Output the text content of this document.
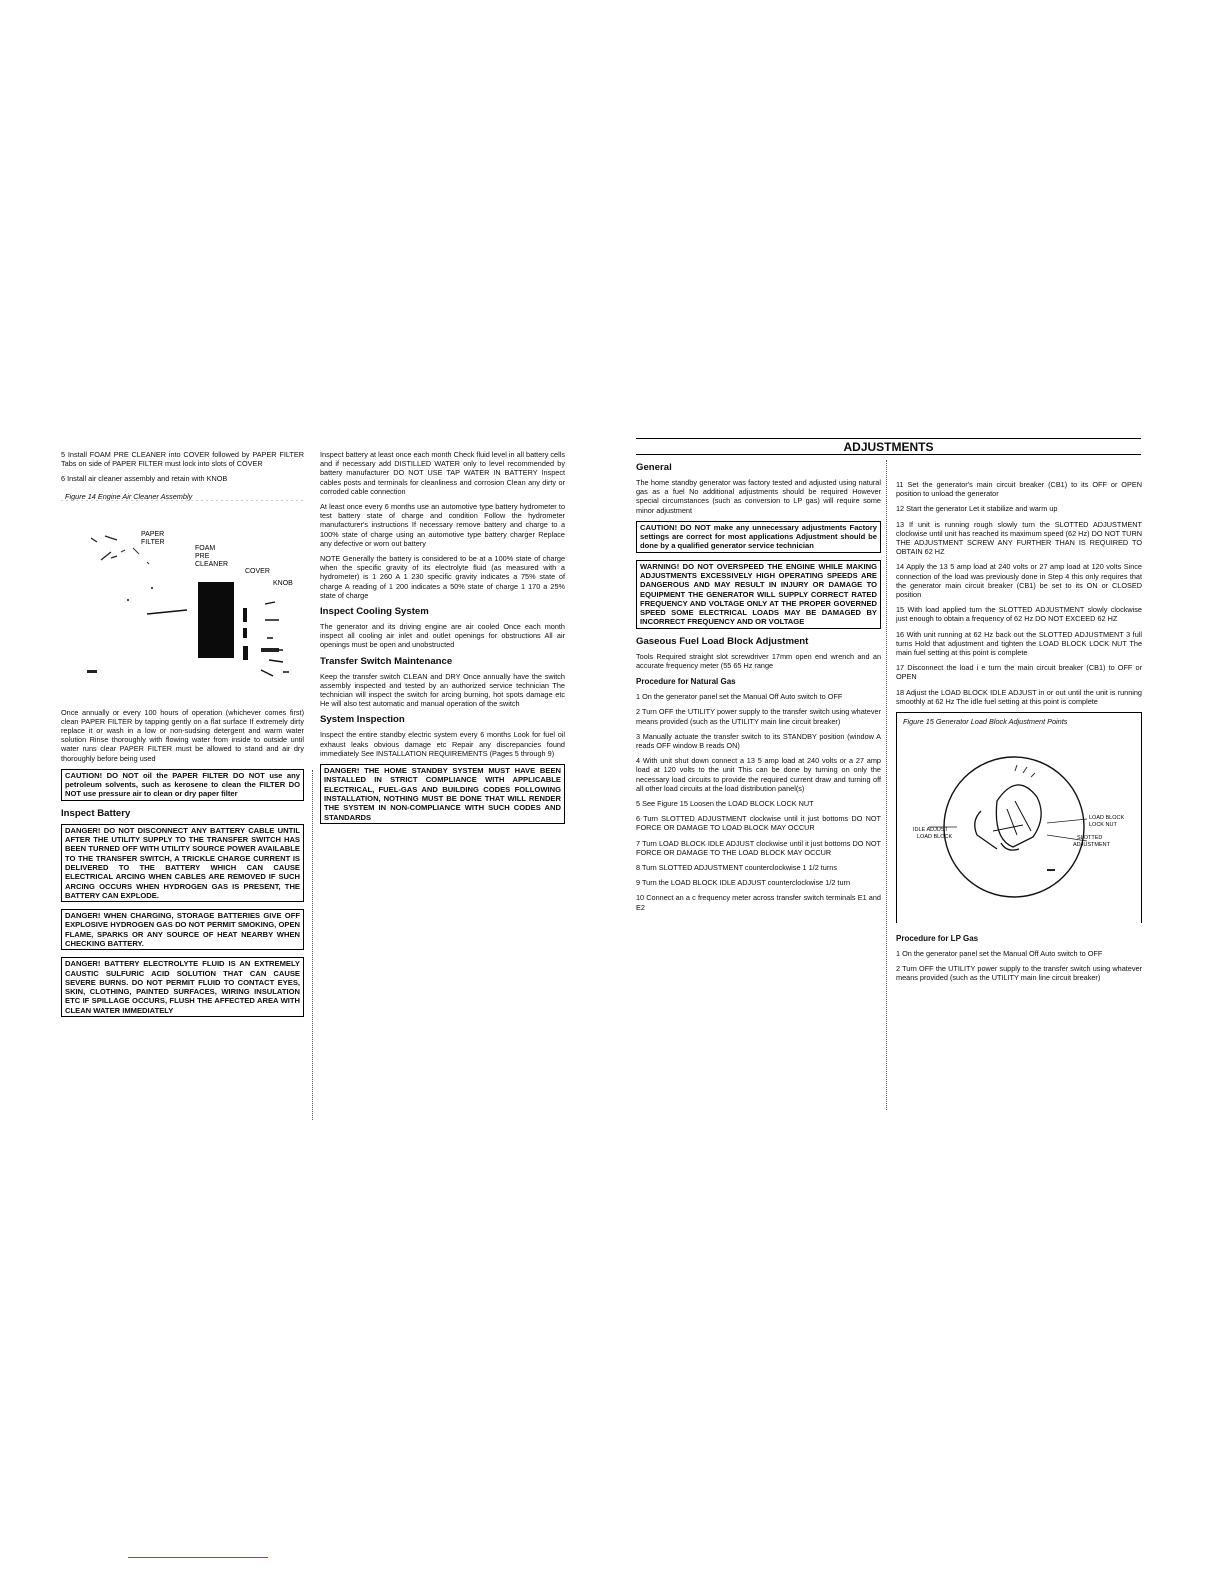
5 Install FOAM PRE CLEANER into COVER followed by PAPER FILTER Tabs on side of PAPER FILTER must lock into slots of COVER

6 Install air cleaner assembly and retain with KNOB

Figure 14 Engine Air Cleaner Assembly
PAPER
FILTER
FOAM
PRE
CLEANER
COVER
KNOB

Once annually or every 100 hours of operation (whichever comes first) clean PAPER FILTER by tapping gently on a flat surface If extremely dirty replace it or wash in a low or non-sudsing detergent and warm water solution Rinse thoroughly with flowing water from inside to outside until water runs clear PAPER FILTER must be allowed to stand and air dry thoroughly before being used

CAUTION! DO NOT oil the PAPER FILTER DO NOT use any petroleum solvents, such as kerosene to clean the FILTER DO NOT use pressure air to clean or dry paper filter
Inspect Battery
DANGER! DO NOT DISCONNECT ANY BATTERY CABLE UNTIL AFTER THE UTILITY SUPPLY TO THE TRANSFER SWITCH HAS BEEN TURNED OFF WITH UTILITY SOURCE POWER AVAILABLE TO THE TRANSFER SWITCH, A TRICKLE CHARGE CURRENT IS DELIVERED TO THE BATTERY WHICH CAN CAUSE ELECTRICAL ARCING WHEN CABLES ARE REMOVED IF SUCH ARCING OCCURS WHEN HYDROGEN GAS IS PRESENT, THE BATTERY CAN EXPLODE.
DANGER! WHEN CHARGING, STORAGE BATTERIES GIVE OFF EXPLOSIVE HYDROGEN GAS DO NOT PERMIT SMOKING, OPEN FLAME, SPARKS OR ANY SOURCE OF HEAT NEARBY WHEN CHECKING BATTERY.
DANGER! BATTERY ELECTROLYTE FLUID IS AN EXTREMELY CAUSTIC SULFURIC ACID SOLUTION THAT CAN CAUSE SEVERE BURNS. DO NOT PERMIT FLUID TO CONTACT EYES, SKIN, CLOTHING, PAINTED SURFACES, WIRING INSULATION ETC IF SPILLAGE OCCURS, FLUSH THE AFFECTED AREA WITH CLEAN WATER IMMEDIATELY

Inspect battery at least once each month Check fluid level in all battery cells and if necessary add DISTILLED WATER only to level recommended by battery manufacturer DO NOT USE TAP WATER IN BATTERY Inspect cables posts and terminals for cleanliness and corrosion Clean any dirty or corroded cable connection

At least once every 6 months use an automotive type battery hydrometer to test battery state of charge and condition Follow the hydrometer manufacturer's instructions If necessary remove battery and charge to a 100% state of charge using an automotive type battery charger Replace any defective or worn out battery

NOTE Generally the battery is considered to be at a 100% state of charge when the specific gravity of its electrolyte fluid (as measured with a hydrometer) is 1 260 A 1 230 specific gravity indicates a 75% state of charge A reading of 1 200 indicates a 50% state of charge 1 170 a 25% state of charge

Inspect Cooling System

The generator and its driving engine are air cooled Once each month inspect all cooling air inlet and outlet openings for obstructions All air openings must be open and unobstructed

Transfer Switch Maintenance

Keep the transfer switch CLEAN and DRY Once annually have the switch assembly inspected and tested by an authorized service technician The technician will inspect the switch for arcing burning, hot spots damage etc He will also test automatic and manual operation of the switch

System Inspection

Inspect the entire standby electric system every 6 months Look for fuel oil exhaust leaks obvious damage etc Repair any discrepancies found immediately See INSTALLATION REQUIREMENTS (Pages 5 through 9)

DANGER! THE HOME STANDBY SYSTEM MUST HAVE BEEN INSTALLED IN STRICT COMPLIANCE WITH APPLICABLE ELECTRICAL, FUEL-GAS AND BUILDING CODES FOLLOWING INSTALLATION, NOTHING MUST BE DONE THAT WILL RENDER THE SYSTEM IN NON-COMPLIANCE WITH SUCH CODES AND STANDARDS
ADJUSTMENTS
General

The home standby generator was factory tested and adjusted using natural gas as a fuel No additional adjustments should be required However special circumstances (such as conversion to LP gas) will require some minor adjustment

CAUTION! DO NOT make any unnecessary adjustments Factory settings are correct for most applications Adjustment should be done by a qualified generator service technician
WARNING! DO NOT OVERSPEED THE ENGINE WHILE MAKING ADJUSTMENTS EXCESSIVELY HIGH OPERATING SPEEDS ARE DANGEROUS AND MAY RESULT IN INJURY OR DAMAGE TO EQUIPMENT THE GENERATOR WILL SUPPLY CORRECT RATED FREQUENCY AND VOLTAGE ONLY AT THE PROPER GOVERNED SPEED SOME ELECTRICAL LOADS MAY BE DAMAGED BY INCORRECT FREQUENCY AND OR VOLTAGE
Gaseous Fuel Load Block Adjustment

Tools Required straight slot screwdriver 17mm open end wrench and an accurate frequency meter (55 65 Hz range

Procedure for Natural Gas

1 On the generator panel set the Manual Off Auto switch to OFF

2 Turn OFF the UTILITY power supply to the transfer switch using whatever means provided (such as the UTILITY main line circuit breaker)

3 Manually actuate the transfer switch to its STANDBY position (window A reads OFF window B reads ON)

4 With unit shut down connect a 13 5 amp load at 240 volts or a 27 amp load at 120 volts to the unit This can be done by turning on only the necessary load circuits to provide the required current draw and turning off all other load circuits at the load distribution panel(s)

5 See Figure 15 Loosen the LOAD BLOCK LOCK NUT

6 Turn SLOTTED ADJUSTMENT clockwise until it just bottoms DO NOT FORCE OR DAMAGE TO LOAD BLOCK MAY OCCUR

7 Turn LOAD BLOCK IDLE ADJUST clockwise until it just bottoms DO NOT FORCE OR DAMAGE TO THE LOAD BLOCK MAY OCCUR

8 Turn SLOTTED ADJUSTMENT counterclockwise 1 1/2 turns

9 Turn the LOAD BLOCK IDLE ADJUST counterclockwise 1/2 turn

10 Connect an a c frequency meter across transfer switch terminals E1 and E2

11 Set the generator's main circuit breaker (CB1) to its OFF or OPEN position to unload the generator

12 Start the generator Let it stabilize and warm up

13 If unit is running rough slowly turn the SLOTTED ADJUSTMENT clockwise until unit has reached its maximum speed (62 Hz) DO NOT TURN THE ADJUSTMENT SCREW ANY FURTHER THAN IS REQUIRED TO OBTAIN 62 HZ

14 Apply the 13 5 amp load at 240 volts or 27 amp load at 120 volts Since connection of the load was previously done in Step 4 this only requires that the generator main circuit breaker (CB1) be set to its ON or CLOSED position

15 With load applied turn the SLOTTED ADJUSTMENT slowly clockwise just enough to obtain a frequency of 62 Hz DO NOT EXCEED 62 HZ

16 With unit running at 62 Hz back out the SLOTTED ADJUSTMENT 3 full turns Hold that adjustment and tighten the LOAD BLOCK LOCK NUT The main fuel setting at this point is complete

17 Disconnect the load i e turn the main circuit breaker (CB1) to OFF or OPEN

18 Adjust the LOAD BLOCK IDLE ADJUST in or out until the unit is running smoothly at 62 Hz The idle fuel setting at this point is complete

Figure 15 Generator Load Block Adjustment Points
LOAD BLOCK
LOCK NUT
IDLE ADJUST
LOAD BLOCK	SLOTTED
ADJUSTMENT
Procedure for LP Gas

1 On the generator panel set the Manual Off Auto switch to OFF

2 Turn OFF the UTILITY power supply to the transfer switch using whatever means provided (such as the UTILITY main line circuit breaker)
